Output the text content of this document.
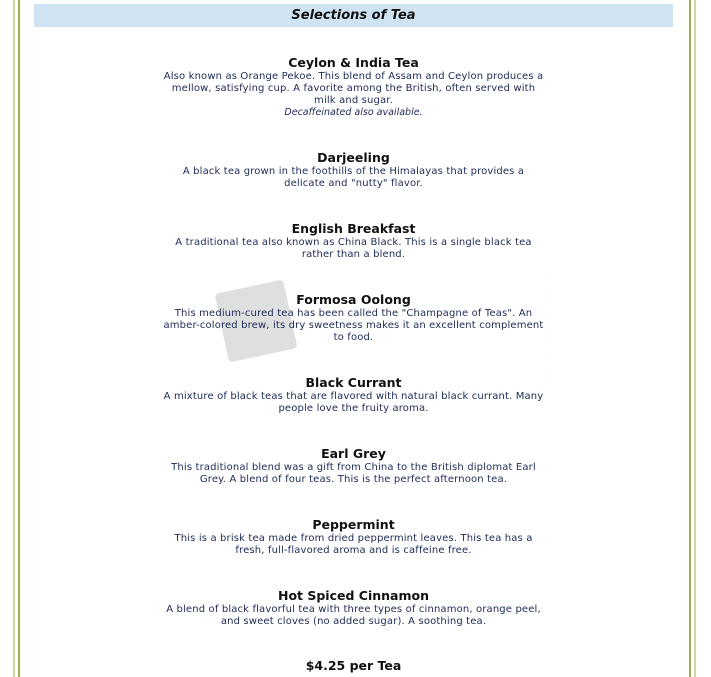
Selections of Tea
Ceylon & India Tea
Also known as Orange Pekoe. This blend of Assam and Ceylon produces a mellow, satisfying cup. A favorite among the British, often served with milk and sugar.
Decaffeinated also available.
Darjeeling
A black tea grown in the foothills of the Himalayas that provides a delicate and "nutty" flavor.
English Breakfast
A traditional tea also known as China Black. This is a single black tea rather than a blend.
Formosa Oolong
This medium-cured tea has been called the "Champagne of Teas". An amber-colored brew, its dry sweetness makes it an excellent complement to food.
Black Currant
A mixture of black teas that are flavored with natural black currant. Many people love the fruity aroma.
Earl Grey
This traditional blend was a gift from China to the British diplomat Earl Grey. A blend of four teas. This is the perfect afternoon tea.
Peppermint
This is a brisk tea made from dried peppermint leaves. This tea has a fresh, full-flavored aroma and is caffeine free.
Hot Spiced Cinnamon
A blend of black flavorful tea with three types of cinnamon, orange peel, and sweet cloves (no added sugar). A soothing tea.
$4.25 per Tea
